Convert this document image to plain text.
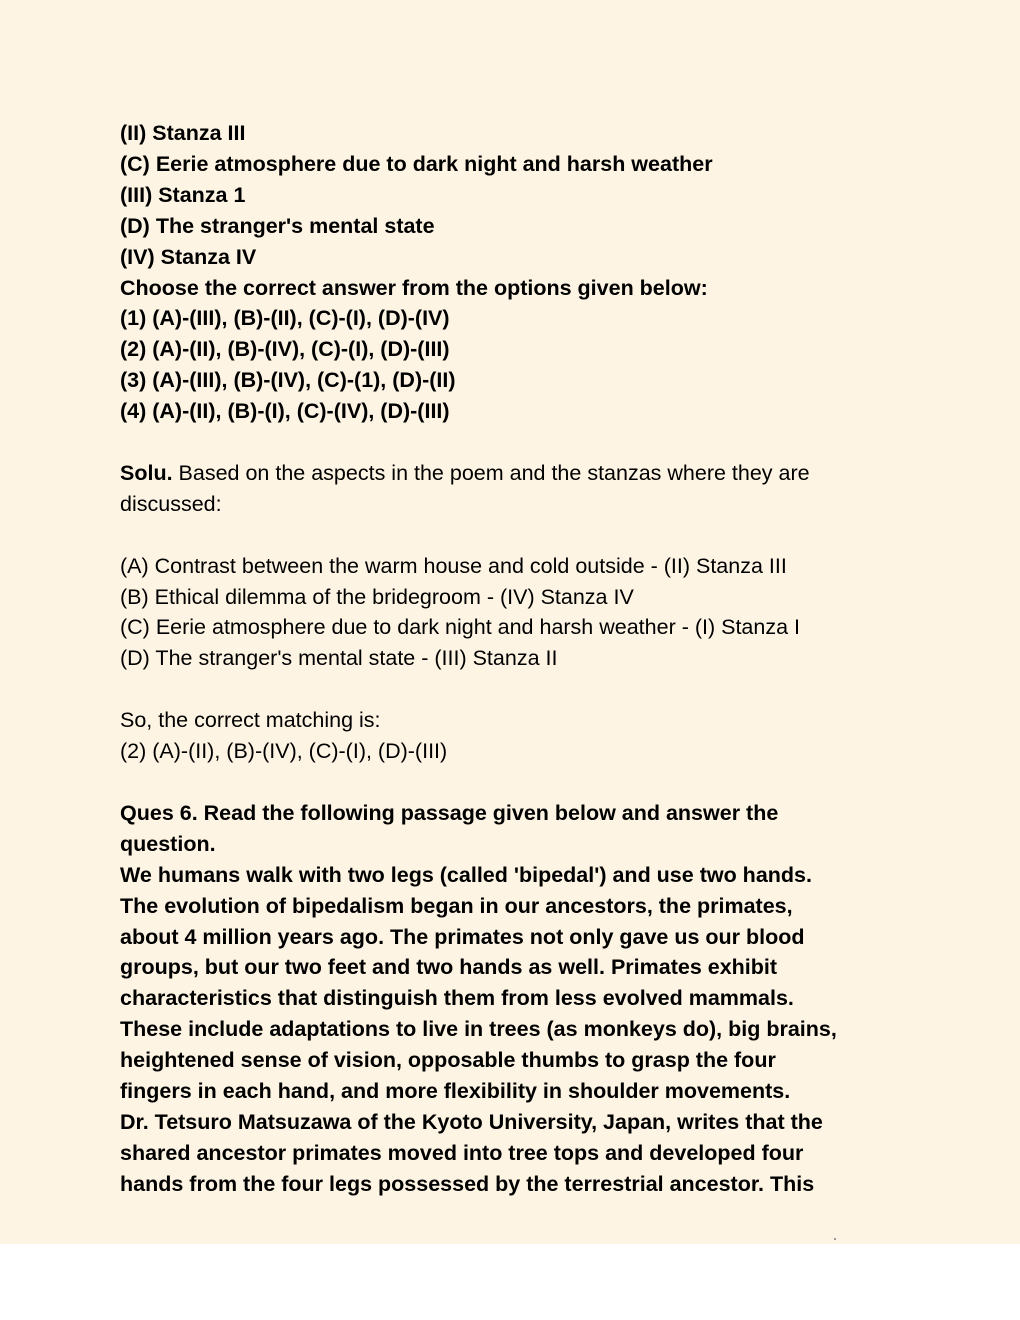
(II) Stanza III
(C) Eerie atmosphere due to dark night and harsh weather
(III) Stanza 1
(D) The stranger's mental state
(IV) Stanza IV
Choose the correct answer from the options given below:
(1) (A)-(III), (B)-(II), (C)-(I), (D)-(IV)
(2) (A)-(II), (B)-(IV), (C)-(I), (D)-(III)
(3) (A)-(III), (B)-(IV), (C)-(1), (D)-(II)
(4) (A)-(II), (B)-(I), (C)-(IV), (D)-(III)
Solu. Based on the aspects in the poem and the stanzas where they are
discussed:
(A) Contrast between the warm house and cold outside - (II) Stanza III
(B) Ethical dilemma of the bridegroom - (IV) Stanza IV
(C) Eerie atmosphere due to dark night and harsh weather - (I) Stanza I
(D) The stranger's mental state - (III) Stanza II
So, the correct matching is:
(2) (A)-(II), (B)-(IV), (C)-(I), (D)-(III)
Ques 6. Read the following passage given below and answer the
question.
We humans walk with two legs (called 'bipedal') and use two hands.
The evolution of bipedalism began in our ancestors, the primates,
about 4 million years ago. The primates not only gave us our blood
groups, but our two feet and two hands as well. Primates exhibit
characteristics that distinguish them from less evolved mammals.
These include adaptations to live in trees (as monkeys do), big brains,
heightened sense of vision, opposable thumbs to grasp the four
fingers in each hand, and more flexibility in shoulder movements.
Dr. Tetsuro Matsuzawa of the Kyoto University, Japan, writes that the
shared ancestor primates moved into tree tops and developed four
hands from the four legs possessed by the terrestrial ancestor. This
